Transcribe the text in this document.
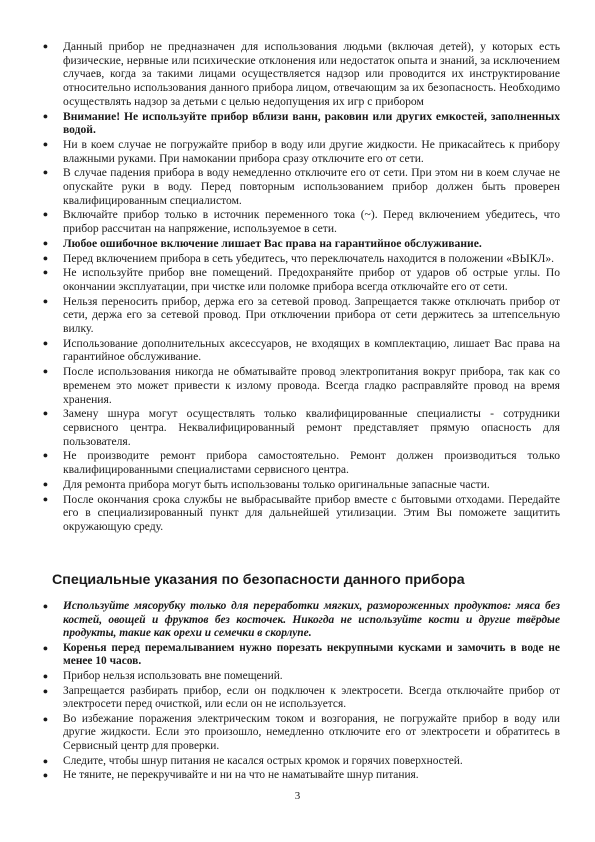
●	Данный прибор не предназначен для использования людьми (включая детей), у которых есть физические, нервные или психические отклонения или недостаток опыта и знаний, за исключением случаев, когда за такими лицами осуществляется надзор или проводится их инструктирование относительно использования данного прибора лицом, отвечающим за их безопасность. Необходимо осуществлять надзор за детьми с целью недопущения их игр с прибором
●	Внимание! Не используйте прибор вблизи ванн, раковин или других емкостей, заполненных водой.
●	Ни в коем случае не погружайте прибор в воду или другие жидкости. Не прикасайтесь к прибору влажными руками. При намокании прибора сразу отключите его от сети.
●	В случае падения прибора в воду немедленно отключите его от сети. При этом ни в коем случае не опускайте руки в воду. Перед повторным использованием прибор должен быть проверен квалифицированным специалистом.
●	Включайте прибор только в источник переменного тока (~). Перед включением убедитесь, что прибор рассчитан на напряжение, используемое в сети.
●	Любое ошибочное включение лишает Вас права на гарантийное обслуживание.
●	Перед включением прибора в сеть убедитесь, что переключатель находится в положении «ВЫКЛ».
●	Не используйте прибор вне помещений. Предохраняйте прибор от ударов об острые углы. По окончании эксплуатации, при чистке или поломке прибора всегда отключайте его от сети.
●	Нельзя переносить прибор, держа его за сетевой провод. Запрещается также отключать прибор от сети, держа его за сетевой провод. При отключении прибора от сети держитесь за штепсельную вилку.
●	Использование дополнительных аксессуаров, не входящих в комплектацию, лишает Вас права на гарантийное обслуживание.
●	После использования никогда не обматывайте провод электропитания вокруг прибора, так как со временем это может привести к излому провода. Всегда гладко расправляйте провод на время хранения.
●	Замену шнура могут осуществлять только квалифицированные специалисты - сотрудники сервисного центра. Неквалифицированный ремонт представляет прямую опасность для пользователя.
●	Не производите ремонт прибора самостоятельно. Ремонт должен производиться только квалифицированными специалистами сервисного центра.
●	Для ремонта прибора могут быть использованы только оригинальные запасные части.
●	После окончания срока службы не выбрасывайте прибор вместе с бытовыми отходами. Передайте его в специализированный пункт для дальнейшей утилизации. Этим Вы поможете защитить окружающую среду.
Специальные указания по безопасности данного прибора
●	Используйте мясорубку только для переработки мягких, размороженных продуктов: мяса без костей, овощей и фруктов без косточек. Никогда не используйте кости и другие твёрдые продукты, такие как орехи и семечки в скорлупе.
●	Коренья перед перемалыванием нужно порезать некрупными кусками и замочить в воде не менее 10 часов.
●	Прибор нельзя использовать вне помещений.
●	Запрещается разбирать прибор, если он подключен к электросети. Всегда отключайте прибор от электросети перед очисткой, или если он не используется.
●	Во избежание поражения электрическим током и возгорания, не погружайте прибор в воду или другие жидкости. Если это произошло, немедленно отключите его от электросети и обратитесь в Сервисный центр для проверки.
●	Следите, чтобы шнур питания не касался острых кромок и горячих поверхностей.
●	Не тяните, не перекручивайте и ни на что не наматывайте шнур питания.
3
